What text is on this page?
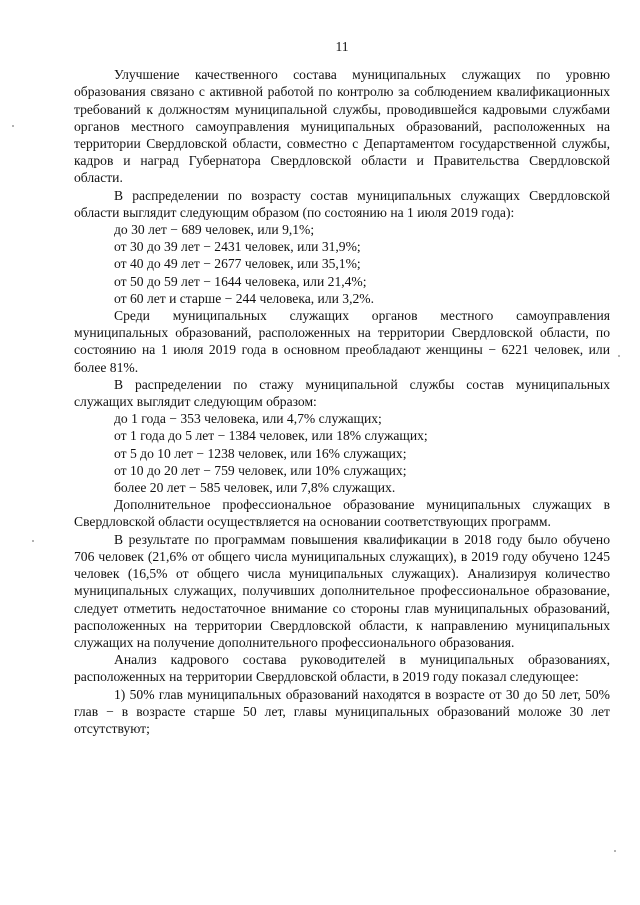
11

Улучшение качественного состава муниципальных служащих по уровню образования связано с активной работой по контролю за соблюдением квалификационных требований к должностям муниципальной службы, проводившейся кадровыми службами органов местного самоуправления муниципальных образований, расположенных на территории Свердловской области, совместно с Департаментом государственной службы, кадров и наград Губернатора Свердловской области и Правительства Свердловской области.

В распределении по возрасту состав муниципальных служащих Свердловской области выглядит следующим образом (по состоянию на 1 июля 2019 года):

до 30 лет − 689 человек, или 9,1%;

от 30 до 39 лет − 2431 человек, или 31,9%;

от 40 до 49 лет − 2677 человек, или 35,1%;

от 50 до 59 лет − 1644 человека, или 21,4%;

от 60 лет и старше − 244 человека, или 3,2%.

Среди муниципальных служащих органов местного самоуправления муниципальных образований, расположенных на территории Свердловской области, по состоянию на 1 июля 2019 года в основном преобладают женщины − 6221 человек, или более 81%.

В распределении по стажу муниципальной службы состав муниципальных служащих выглядит следующим образом:

до 1 года − 353 человека, или 4,7% служащих;

от 1 года до 5 лет − 1384 человек, или 18% служащих;

от 5 до 10 лет − 1238 человек, или 16% служащих;

от 10 до 20 лет − 759 человек, или 10% служащих;

более 20 лет − 585 человек, или 7,8% служащих.

Дополнительное профессиональное образование муниципальных служащих в Свердловской области осуществляется на основании соответствующих программ.

В результате по программам повышения квалификации в 2018 году было обучено 706 человек (21,6% от общего числа муниципальных служащих), в 2019 году обучено 1245 человек (16,5% от общего числа муниципальных служащих). Анализируя количество муниципальных служащих, получивших дополнительное профессиональное образование, следует отметить недостаточное внимание со стороны глав муниципальных образований, расположенных на территории Свердловской области, к направлению муниципальных служащих на получение дополнительного профессионального образования.

Анализ кадрового состава руководителей в муниципальных образованиях, расположенных на территории Свердловской области, в 2019 году показал следующее:

1) 50% глав муниципальных образований находятся в возрасте от 30 до 50 лет, 50% глав − в возрасте старше 50 лет, главы муниципальных образований моложе 30 лет отсутствуют;
